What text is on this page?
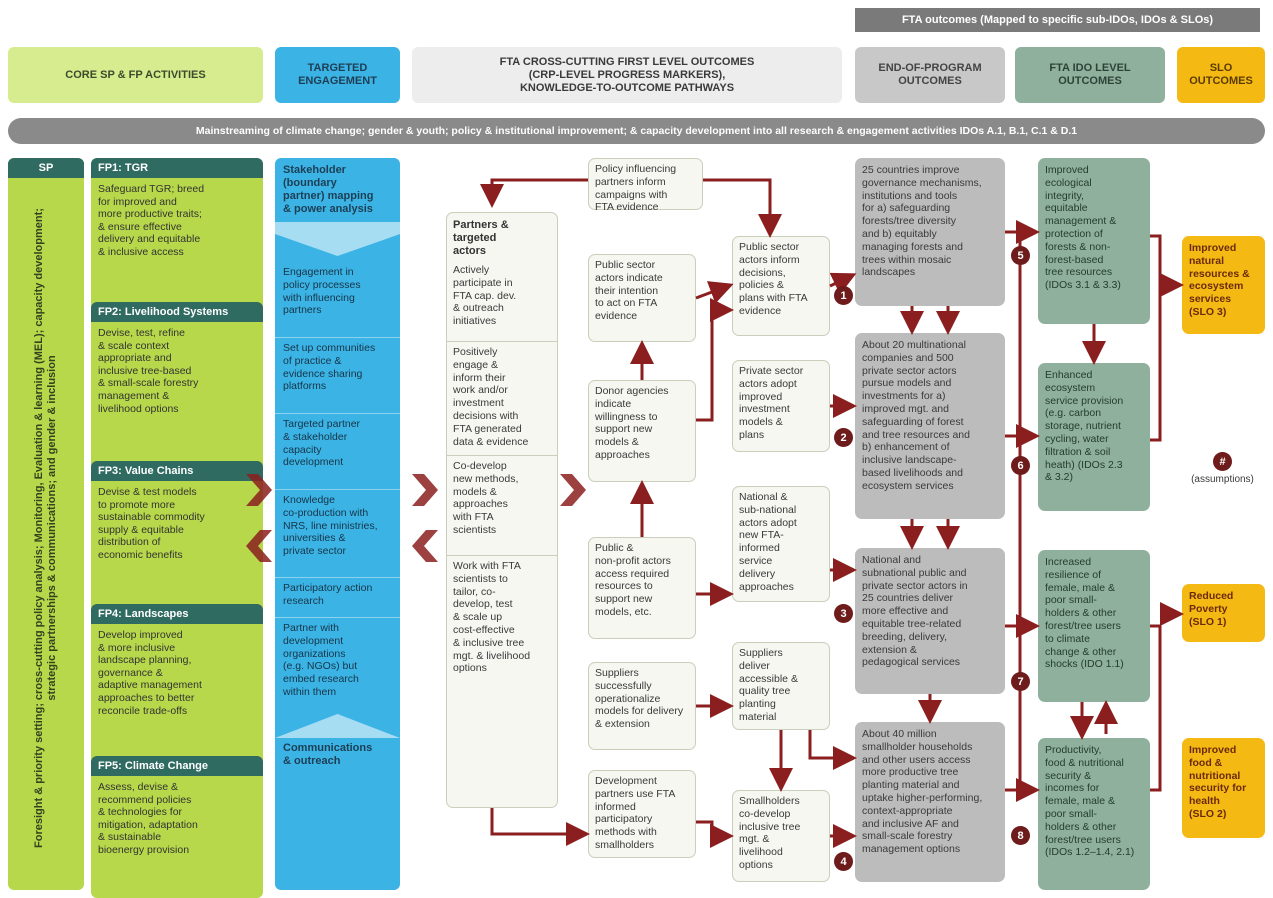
FTA outcomes (Mapped to specific sub-IDOs, IDOs & SLOs)
CORE SP & FP ACTIVITIES
TARGETED
ENGAGEMENT
FTA CROSS-CUTTING FIRST LEVEL OUTCOMES
(CRP-LEVEL PROGRESS MARKERS),
KNOWLEDGE-TO-OUTCOME PATHWAYS
END-OF-PROGRAM
OUTCOMES
FTA IDO LEVEL
OUTCOMES
SLO
OUTCOMES
Mainstreaming of climate change; gender & youth; policy & institutional improvement; & capacity development into all research & engagement activities IDOs A.1, B.1, C.1 & D.1
SP
Foresight & priority setting; cross-cutting policy analysis; Monitoring, Evaluation & learning (MEL); capacity development; strategic partnerships & communications; and gender & inclusion
FP1: TGR
Safeguard TGR; breed
for improved and
more productive traits;
& ensure effective
delivery and equitable
& inclusive access
FP2: Livelihood Systems
Devise, test, refine
& scale context
appropriate and
inclusive tree-based
& small-scale forestry
management &
livelihood options
FP3: Value Chains
Devise & test models
to promote more
sustainable commodity
supply & equitable
distribution of
economic benefits
FP4: Landscapes
Develop improved
& more inclusive
landscape planning,
governance &
adaptive management
approaches to better
reconcile trade-offs
FP5: Climate Change
Assess, devise &
recommend policies
& technologies for
mitigation, adaptation
& sustainable
bioenergy provision
Stakeholder
(boundary
partner) mapping
& power analysis
Engagement in
policy processes
with influencing
partners
Set up communities
of practice &
evidence sharing
platforms
Targeted partner
& stakeholder
capacity
development
Knowledge
co-production with
NRS, line ministries,
universities &
private sector
Participatory action
research
Partner with
development
organizations
(e.g. NGOs) but
embed research
within them
Communications
& outreach
Partners &
targeted
actors
Actively
participate in
FTA cap. dev.
& outreach
initiatives
Positively
engage &
inform their
work and/or
investment
decisions with
FTA generated
data & evidence
Co-develop
new methods,
models &
approaches
with FTA
scientists
Work with FTA
scientists to
tailor, co-
develop, test
& scale up
cost-effective
& inclusive tree
mgt. & livelihood
options
Policy influencing
partners inform
campaigns with
FTA evidence
Public sector
actors indicate
their intention
to act on FTA
evidence
Donor agencies
indicate
willingness to
support new
models &
approaches
Public &
non-profit actors
access required
resources to
support new
models, etc.
Suppliers
successfully
operationalize
models for delivery
& extension
Development
partners use FTA
informed
participatory
methods with
smallholders
Public sector
actors inform
decisions,
policies &
plans with FTA
evidence
Private sector
actors adopt
improved
investment
models &
plans
National &
sub-national
actors adopt
new FTA-
informed
service
delivery
approaches
Suppliers
deliver
accessible &
quality tree
planting
material
Smallholders
co-develop
inclusive tree
mgt. &
livelihood
options
25 countries improve
governance mechanisms,
institutions and tools
for a) safeguarding
forests/tree diversity
and b) equitably
managing forests and
trees within mosaic
landscapes
About 20 multinational
companies and 500
private sector actors
pursue models and
investments for a)
improved mgt. and
safeguarding of forest
and tree resources and
b) enhancement of
inclusive landscape-
based livelihoods and
ecosystem services
National and
subnational public and
private sector actors in
25 countries deliver
more effective and
equitable tree-related
breeding, delivery,
extension &
pedagogical services
About 40 million
smallholder households
and other users access
more productive tree
planting material and
uptake higher-performing,
context-appropriate
and inclusive AF and
small-scale forestry
management options
Improved
ecological
integrity,
equitable
management &
protection of
forests & non-
forest-based
tree resources
(IDOs 3.1 & 3.3)
Enhanced
ecosystem
service provision
(e.g. carbon
storage, nutrient
cycling, water
filtration & soil
heath) (IDOs 2.3
& 3.2)
Increased
resilience of
female, male &
poor small-
holders & other
forest/tree users
to climate
change & other
shocks (IDO 1.1)
Productivity,
food & nutritional
security &
incomes for
female, male &
poor small-
holders & other
forest/tree users
(IDOs 1.2–1.4, 2.1)
Improved
natural
resources &
ecosystem
services
(SLO 3)
Reduced
Poverty
(SLO 1)
Improved
food &
nutritional
security for
health
(SLO 2)
#
(assumptions)
1
2
3
4
5
6
7
8
